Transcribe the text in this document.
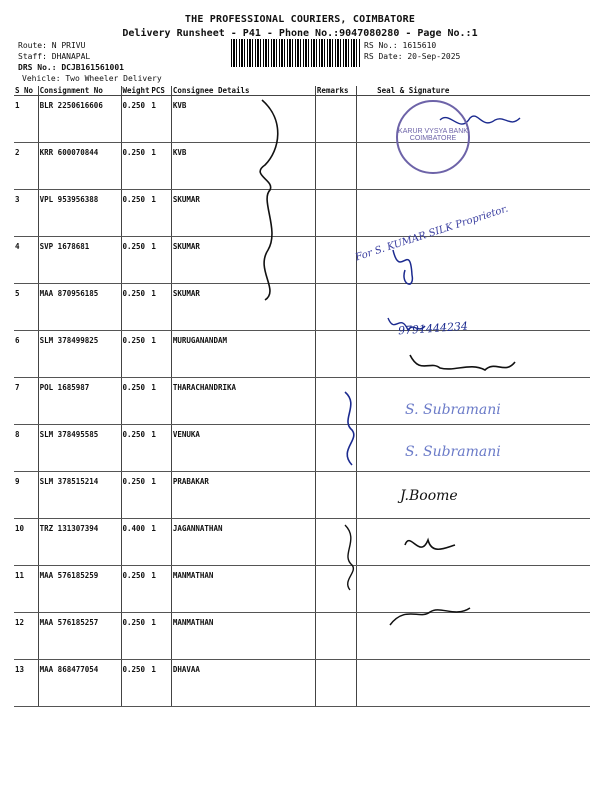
THE PROFESSIONAL COURIERS, COIMBATORE
Delivery Runsheet - P41 - Phone No.:9047080280 - Page No.:1
Route: N PRIVU
Staff: DHANAPAL
DRS No.: DCJB161561001
Vehicle: Two Wheeler Delivery
RS No.: 1615610
RS Date: 20-Sep-2025
S No	Consignment No	Weight	PCS	Consignee Details	Remarks	Seal & Signature
1	BLR 2250616606	0.250	1	KVB		
2	KRR 600070844	0.250	1	KVB		
3	VPL 953956388	0.250	1	SKUMAR		
4	SVP 1678681	0.250	1	SKUMAR		
5	MAA 870956185	0.250	1	SKUMAR		
6	SLM 378499825	0.250	1	MURUGANANDAM		
7	POL 1685987	0.250	1	THARACHANDRIKA		
8	SLM 378495585	0.250	1	VENUKA		
9	SLM 378515214	0.250	1	PRABAKAR		
10	TRZ 131307394	0.400	1	JAGANNATHAN		
11	MAA 576185259	0.250	1	MANMATHAN		
12	MAA 576185257	0.250	1	MANMATHAN		
13	MAA 868477054	0.250	1	DHAVAA		
KARUR VYSYA BANK COIMBATORE
For S. KUMAR SILK Proprietor.
9791444234
S. Subramani
S. Subramani
J.Boome
